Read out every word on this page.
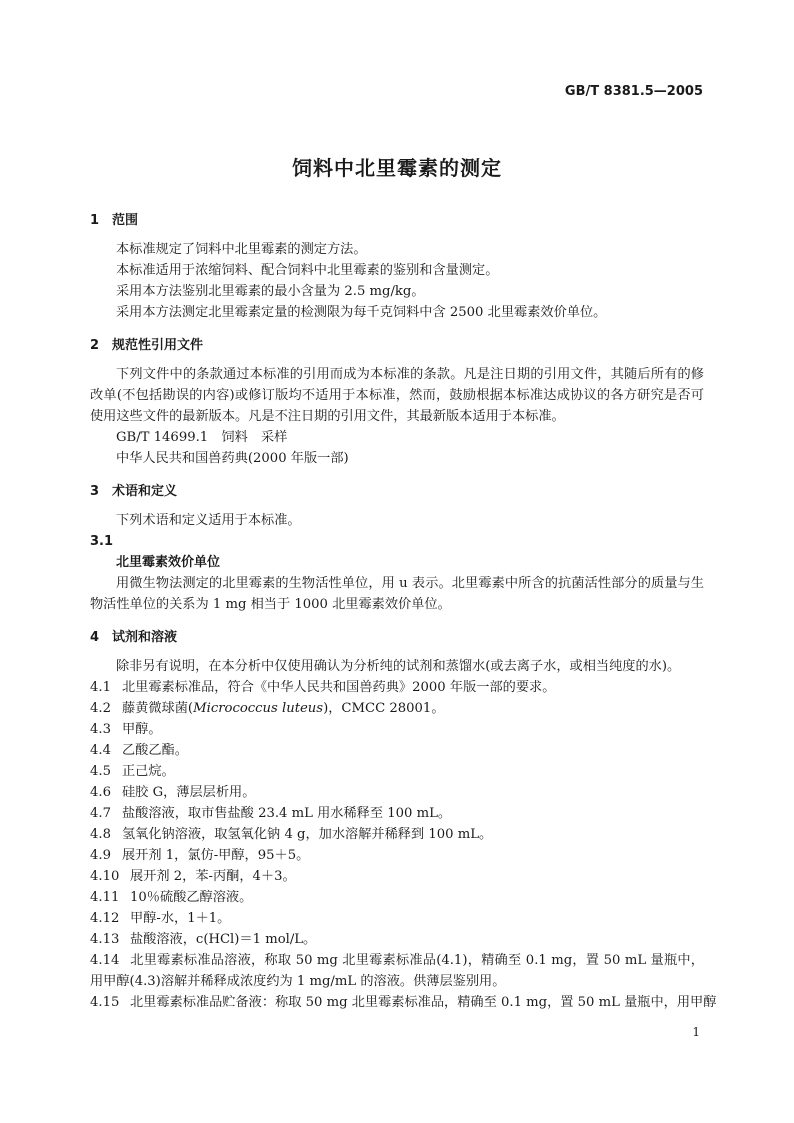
GB/T 8381.5—2005
饲料中北里霉素的测定
1 范围
本标准规定了饲料中北里霉素的测定方法。
本标准适用于浓缩饲料、配合饲料中北里霉素的鉴别和含量测定。
采用本方法鉴别北里霉素的最小含量为 2.5 mg/kg。
采用本方法测定北里霉素定量的检测限为每千克饲料中含 2500 北里霉素效价单位。
2 规范性引用文件
下列文件中的条款通过本标准的引用而成为本标准的条款。凡是注日期的引用文件，其随后所有的修改单(不包括勘误的内容)或修订版均不适用于本标准，然而，鼓励根据本标准达成协议的各方研究是否可使用这些文件的最新版本。凡是不注日期的引用文件，其最新版本适用于本标准。
GB/T 14699.1　饲料　采样
中华人民共和国兽药典(2000 年版一部)
3 术语和定义
下列术语和定义适用于本标准。
3.1
北里霉素效价单位
用微生物法测定的北里霉素的生物活性单位，用 u 表示。北里霉素中所含的抗菌活性部分的质量与生物活性单位的关系为 1 mg 相当于 1000 北里霉素效价单位。
4 试剂和溶液
除非另有说明，在本分析中仅使用确认为分析纯的试剂和蒸馏水(或去离子水，或相当纯度的水)。
4.1 北里霉素标准品，符合《中华人民共和国兽药典》2000 年版一部的要求。
4.2 藤黄微球菌(Micrococcus luteus)，CMCC 28001。
4.3 甲醇。
4.4 乙酸乙酯。
4.5 正己烷。
4.6 硅胶 G，薄层层析用。
4.7 盐酸溶液，取市售盐酸 23.4 mL 用水稀释至 100 mL。
4.8 氢氧化钠溶液，取氢氧化钠 4 g，加水溶解并稀释到 100 mL。
4.9 展开剂 1，氯仿-甲醇，95＋5。
4.10 展开剂 2，苯-丙酮，4＋3。
4.11 10％硫酸乙醇溶液。
4.12 甲醇-水，1＋1。
4.13 盐酸溶液，c(HCl)＝1 mol/L。
4.14 北里霉素标准品溶液，称取 50 mg 北里霉素标准品(4.1)，精确至 0.1 mg，置 50 mL 量瓶中，用甲醇(4.3)溶解并稀释成浓度约为 1 mg/mL 的溶液。供薄层鉴别用。
4.15 北里霉素标准品贮备液：称取 50 mg 北里霉素标准品，精确至 0.1 mg，置 50 mL 量瓶中，用甲醇
1
